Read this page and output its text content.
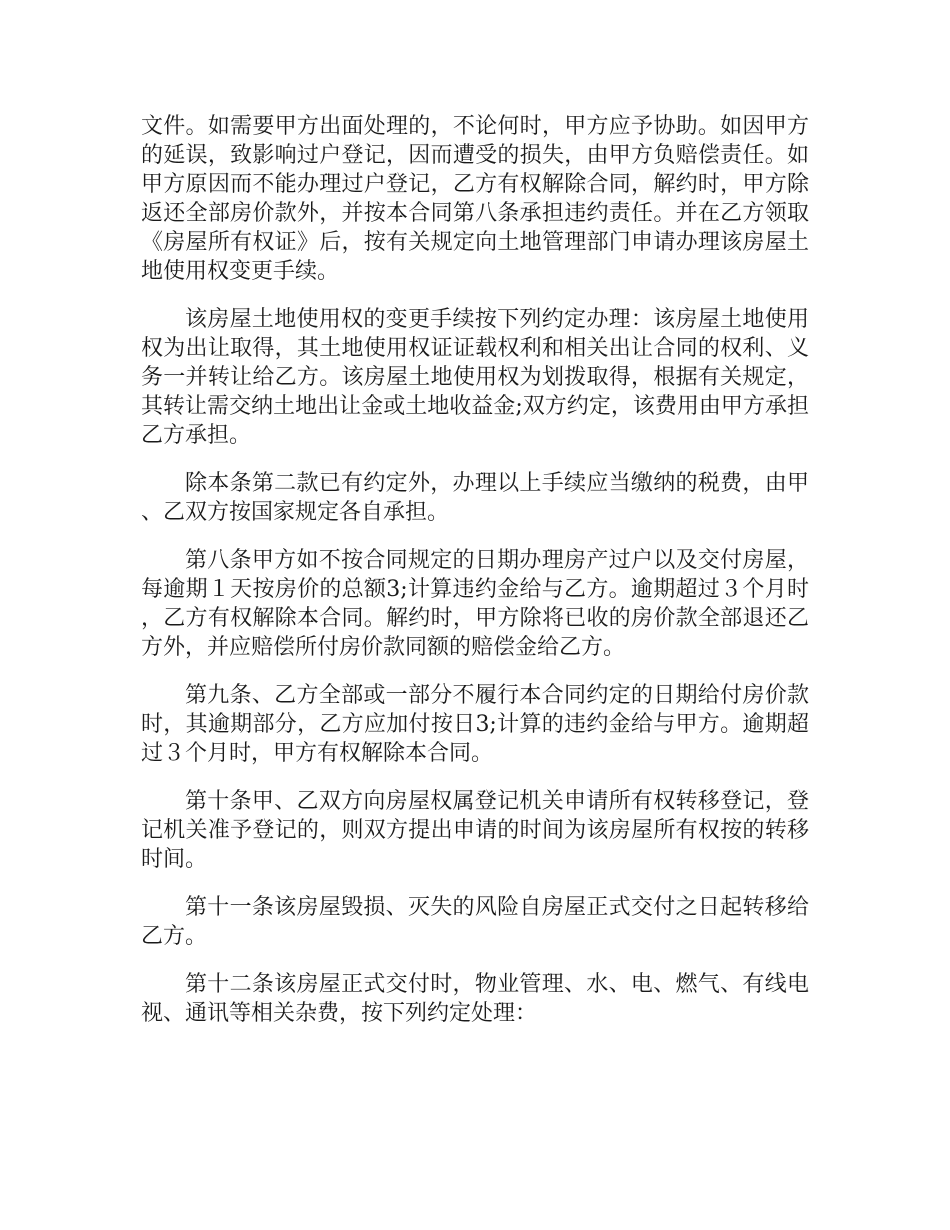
文件。如需要甲方出面处理的，不论何时，甲方应予协助。如因甲方的延误，致影响过户登记，因而遭受的损失，由甲方负赔偿责任。如甲方原因而不能办理过户登记，乙方有权解除合同，解约时，甲方除返还全部房价款外，并按本合同第八条承担违约责任。并在乙方领取《房屋所有权证》后，按有关规定向土地管理部门申请办理该房屋土地使用权变更手续。

该房屋土地使用权的变更手续按下列约定办理：该房屋土地使用权为出让取得，其土地使用权证证载权利和相关出让合同的权利、义务一并转让给乙方。该房屋土地使用权为划拨取得，根据有关规定，其转让需交纳土地出让金或土地收益金;双方约定，该费用由甲方承担乙方承担。

除本条第二款已有约定外，办理以上手续应当缴纳的税费，由甲、乙双方按国家规定各自承担。

第八条甲方如不按合同规定的日期办理房产过户以及交付房屋，每逾期１天按房价的总额3;计算违约金给与乙方。逾期超过３个月时，乙方有权解除本合同。解约时，甲方除将已收的房价款全部退还乙方外，并应赔偿所付房价款同额的赔偿金给乙方。

第九条、乙方全部或一部分不履行本合同约定的日期给付房价款时，其逾期部分，乙方应加付按日3;计算的违约金给与甲方。逾期超过３个月时，甲方有权解除本合同。

第十条甲、乙双方向房屋权属登记机关申请所有权转移登记，登记机关准予登记的，则双方提出申请的时间为该房屋所有权按的转移时间。

第十一条该房屋毁损、灭失的风险自房屋正式交付之日起转移给乙方。

第十二条该房屋正式交付时，物业管理、水、电、燃气、有线电视、通讯等相关杂费，按下列约定处理：
